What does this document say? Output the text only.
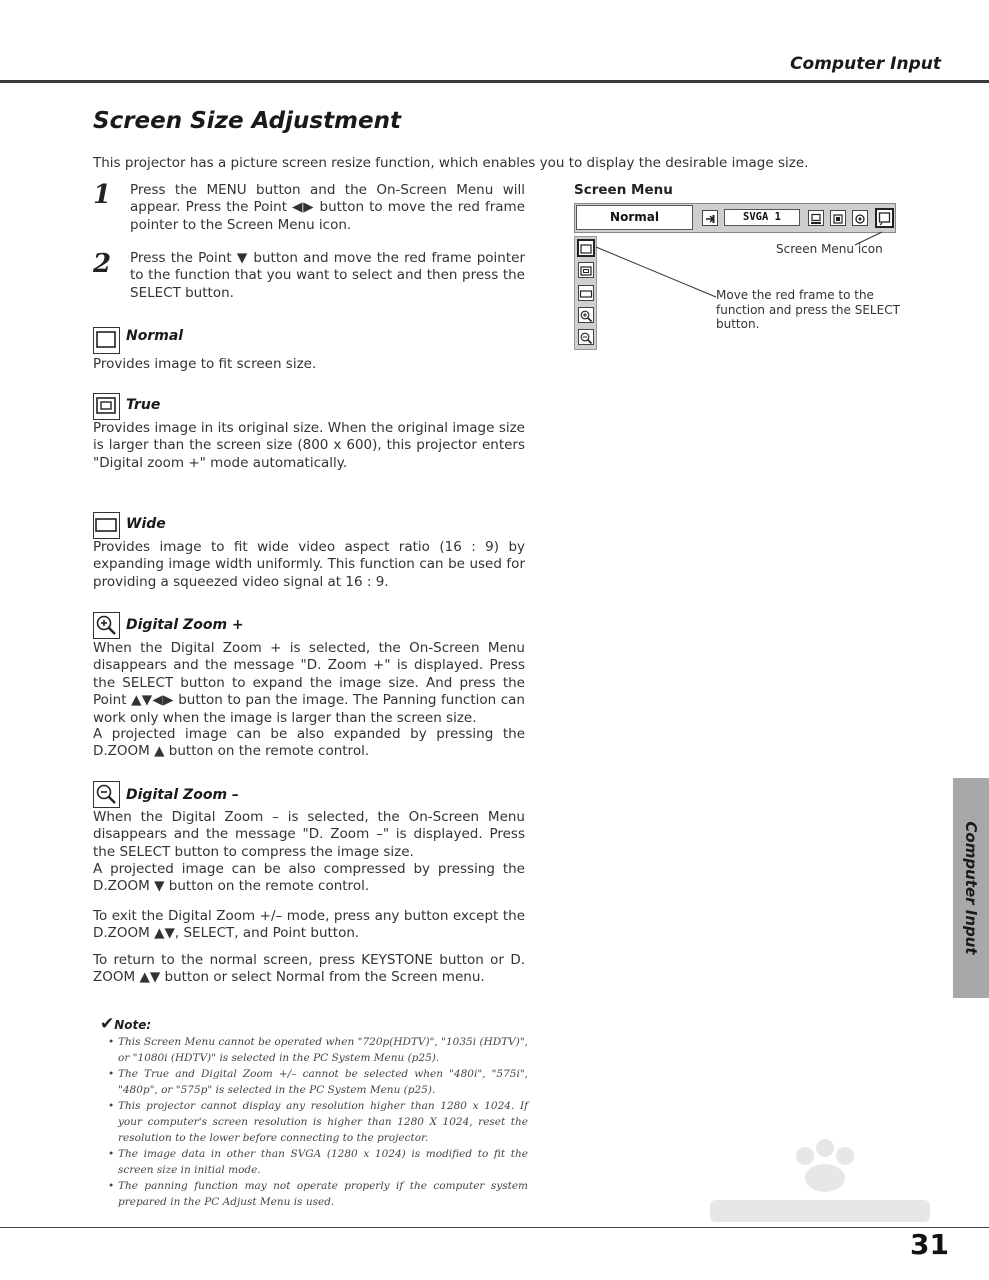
Computer Input
Screen Size Adjustment
This projector has a picture screen resize function, which enables you to display the desirable image size.
1 Press the MENU button and the On-Screen Menu will appear. Press the Point ◀▶ button to move the red frame pointer to the Screen Menu icon.
2 Press the Point ▼ button and move the red frame pointer to the function that you want to select and then press the SELECT button.
Normal
Provides image to fit screen size.
True
Provides image in its original size. When the original image size is larger than the screen size (800 x 600), this projector enters "Digital zoom +" mode automatically.
Wide
Provides image to fit wide video aspect ratio (16 : 9) by expanding image width uniformly. This function can be used for providing a squeezed video signal at 16 : 9.
Digital Zoom +
When the Digital Zoom + is selected, the On-Screen Menu disappears and the message "D. Zoom +" is displayed. Press the SELECT button to expand the image size. And press the Point ▲▼◀▶ button to pan the image. The Panning function can work only when the image is larger than the screen size.
A projected image can be also expanded by pressing the D.ZOOM ▲ button on the remote control.
Digital Zoom –
When the Digital Zoom – is selected, the On-Screen Menu disappears and the message "D. Zoom –" is displayed. Press the SELECT button to compress the image size.
A projected image can be also compressed by pressing the D.ZOOM ▼ button on the remote control.
To exit the Digital Zoom +/– mode, press any button except the D.ZOOM ▲▼, SELECT, and Point button.
To return to the normal screen, press KEYSTONE button or D. ZOOM ▲▼ button or select Normal from the Screen menu.
Screen Menu
Normal	SVGA 1
Screen Menu icon
Move the red frame to the function and press the SELECT button.
Computer Input
✔Note:
• This Screen Menu cannot be operated when "720p(HDTV)", "1035i (HDTV)", or "1080i (HDTV)" is selected in the PC System Menu (p25).
• The True and Digital Zoom +/– cannot be selected when "480i", "575i", "480p", or "575p" is selected in the PC System Menu (p25).
• This projector cannot display any resolution higher than 1280 x 1024. If your computer's screen resolution is higher than 1280 X 1024, reset the resolution to the lower before connecting to the projector.
• The image data in other than SVGA (1280 x 1024) is modified to fit the screen size in initial mode.
• The panning function may not operate properly if the computer system prepared in the PC Adjust Menu is used.
31
